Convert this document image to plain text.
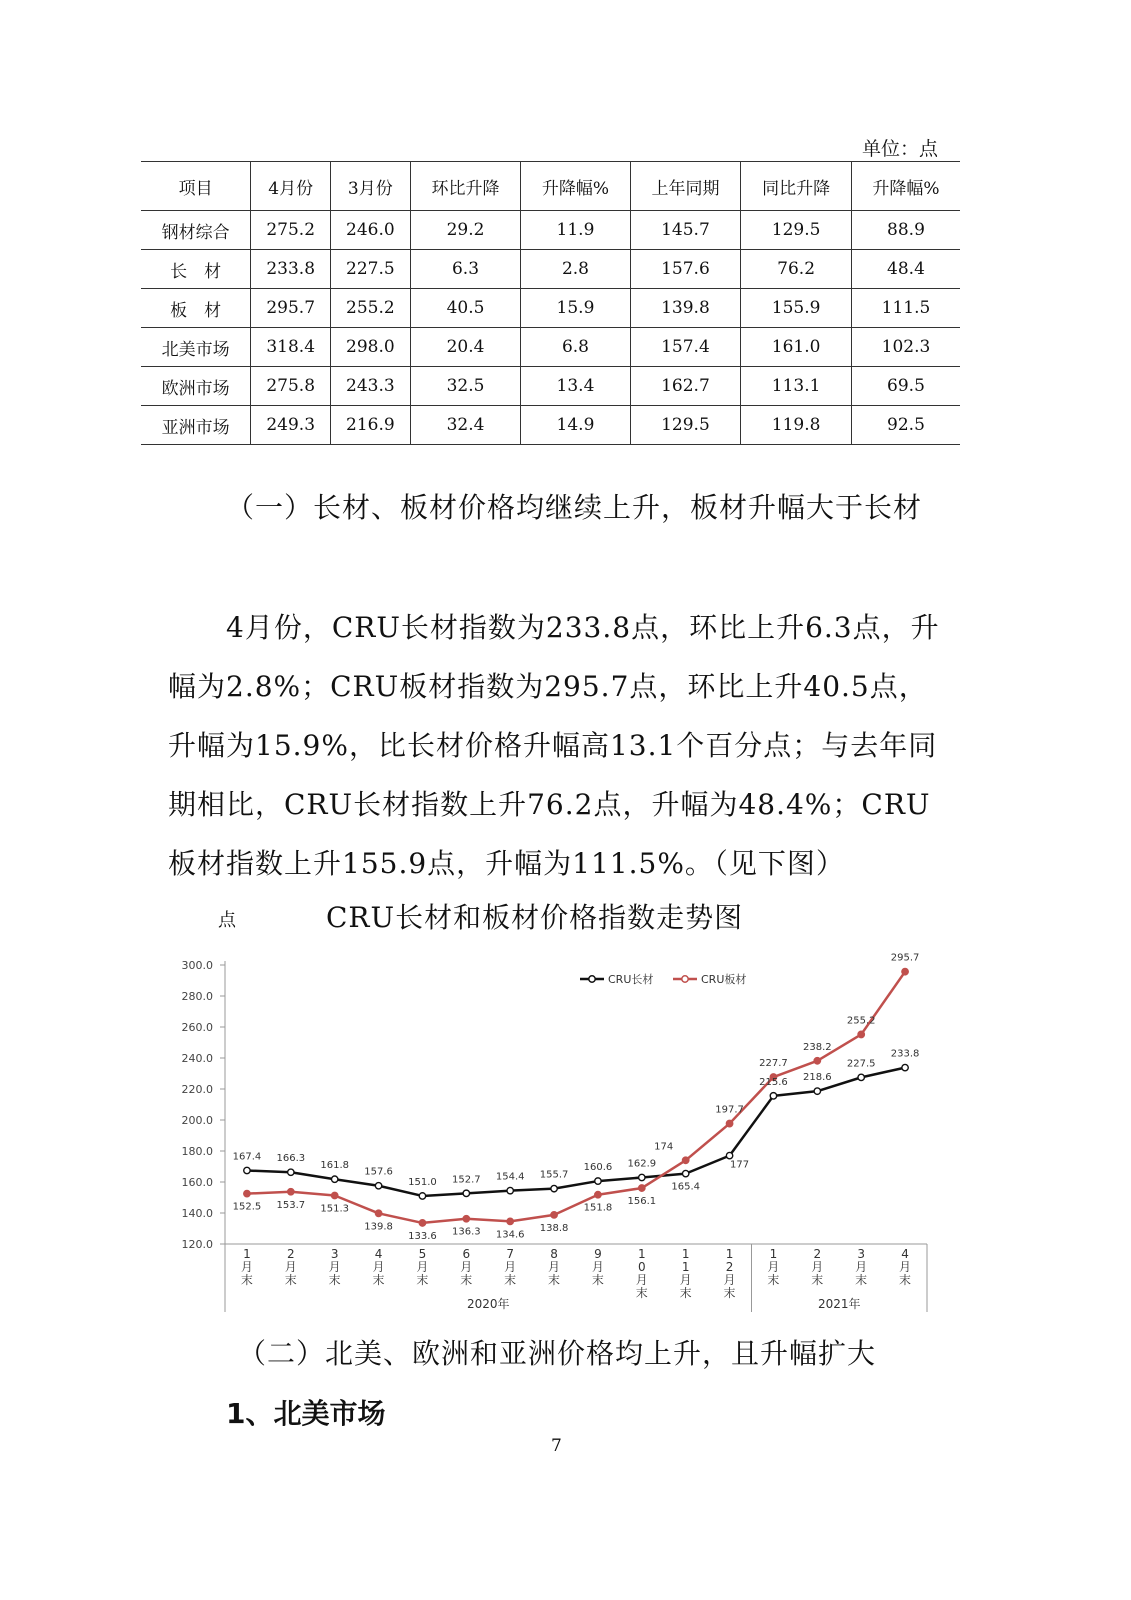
单位：点
项目	4月份	3月份	环比升降	升降幅%	上年同期	同比升降	升降幅%
钢材综合	275.2	246.0	29.2	11.9	145.7	129.5	88.9
长　材	233.8	227.5	6.3	2.8	157.6	76.2	48.4
板　材	295.7	255.2	40.5	15.9	139.8	155.9	111.5
北美市场	318.4	298.0	20.4	6.8	157.4	161.0	102.3
欧洲市场	275.8	243.3	32.5	13.4	162.7	113.1	69.5
亚洲市场	249.3	216.9	32.4	14.9	129.5	119.8	92.5
（一）长材、板材价格均继续上升，板材升幅大于长材
4月份，CRU长材指数为233.8点，环比上升6.3点，升幅为2.8%；CRU板材指数为295.7点，环比上升40.5点，升幅为15.9%，比长材价格升幅高13.1个百分点；与去年同期相比，CRU长材指数上升76.2点，升幅为48.4%；CRU板材指数上升155.9点，升幅为111.5%。（见下图）
点	CRU长材和板材价格指数走势图
120.0
140.0
160.0
180.0
200.0
220.0
240.0
260.0
280.0
300.0
1 月末
2 月末
3 月末
4 月末
5 月末
6 月末
7 月末
8 月末
9 月末
1 0 月末
1 1 月末
1 2 月末
1 月末
2 月末
3 月末
4 月末
2020年	2021年
CRU长材	CRU板材
167.4 166.3
161.8
157.6
151.0 152.7 154.4 155.7
160.6 162.9
165.4
177
215.6 218.6
227.5
233.8
152.5 153.7 151.3
139.8
133.6 136.3 134.6
138.8
151.8
156.1
174
197.7
227.7
238.2
255.2
295.7
（二）北美、欧洲和亚洲价格均上升，且升幅扩大
1、北美市场
7
